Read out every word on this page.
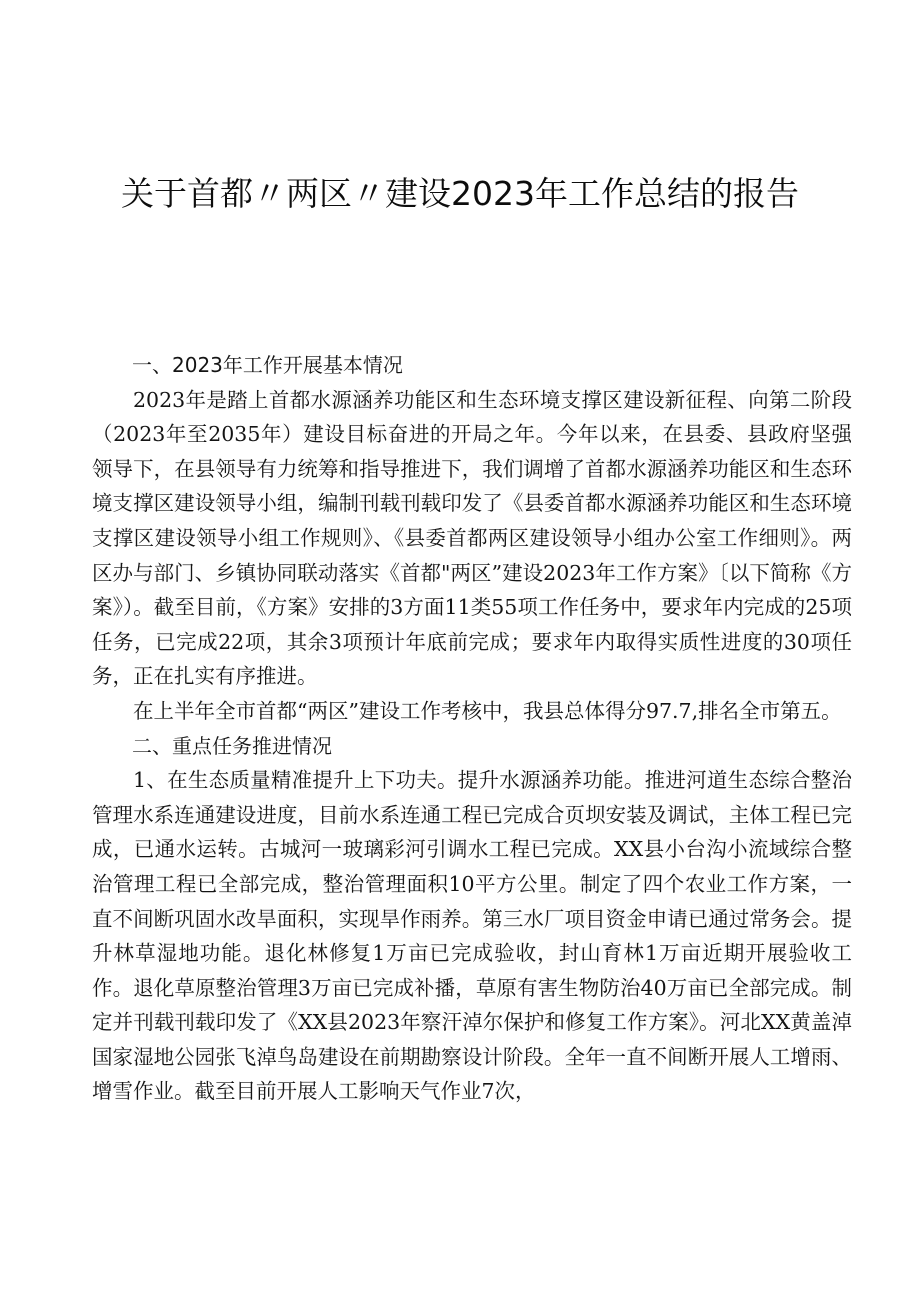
关于首都〃两区〃建设2023年工作总结的报告

一、2023年工作开展基本情况

2023年是踏上首都水源涵养功能区和生态环境支撑区建设新征程、向第二阶段（2023年至2035年）建设目标奋进的开局之年。今年以来，在县委、县政府坚强领导下，在县领导有力统筹和指导推进下，我们调增了首都水源涵养功能区和生态环境支撑区建设领导小组，编制刊载刊载印发了《县委首都水源涵养功能区和生态环境支撑区建设领导小组工作规则》、《县委首都两区建设领导小组办公室工作细则》。两区办与部门、乡镇协同联动落实《首都"两区”建设2023年工作方案》〔以下简称《方案》）。截至目前，《方案》安排的3方面11类55项工作任务中，要求年内完成的25项任务，已完成22项，其余3项预计年底前完成；要求年内取得实质性进度的30项任务，正在扎实有序推进。

在上半年全市首都“两区”建设工作考核中，我县总体得分97.7,排名全市第五。

二、重点任务推进情况

1、在生态质量精准提升上下功夫。提升水源涵养功能。推进河道生态综合整治管理水系连通建设进度，目前水系连通工程已完成合页坝安装及调试，主体工程已完成，已通水运转。古城河一玻璃彩河引调水工程已完成。XX县小台沟小流域综合整治管理工程已全部完成，整治管理面积10平方公里。制定了四个农业工作方案，一直不间断巩固水改旱面积，实现旱作雨养。第三水厂项目资金申请已通过常务会。提升林草湿地功能。退化林修复1万亩已完成验收，封山育林1万亩近期开展验收工作。退化草原整治管理3万亩已完成补播，草原有害生物防治40万亩已全部完成。制定并刊载刊载印发了《XX县2023年察汗淖尔保护和修复工作方案》。河北XX黄盖淖国家湿地公园张飞淖鸟岛建设在前期勘察设计阶段。全年一直不间断开展人工增雨、增雪作业。截至目前开展人工影响天气作业7次，
